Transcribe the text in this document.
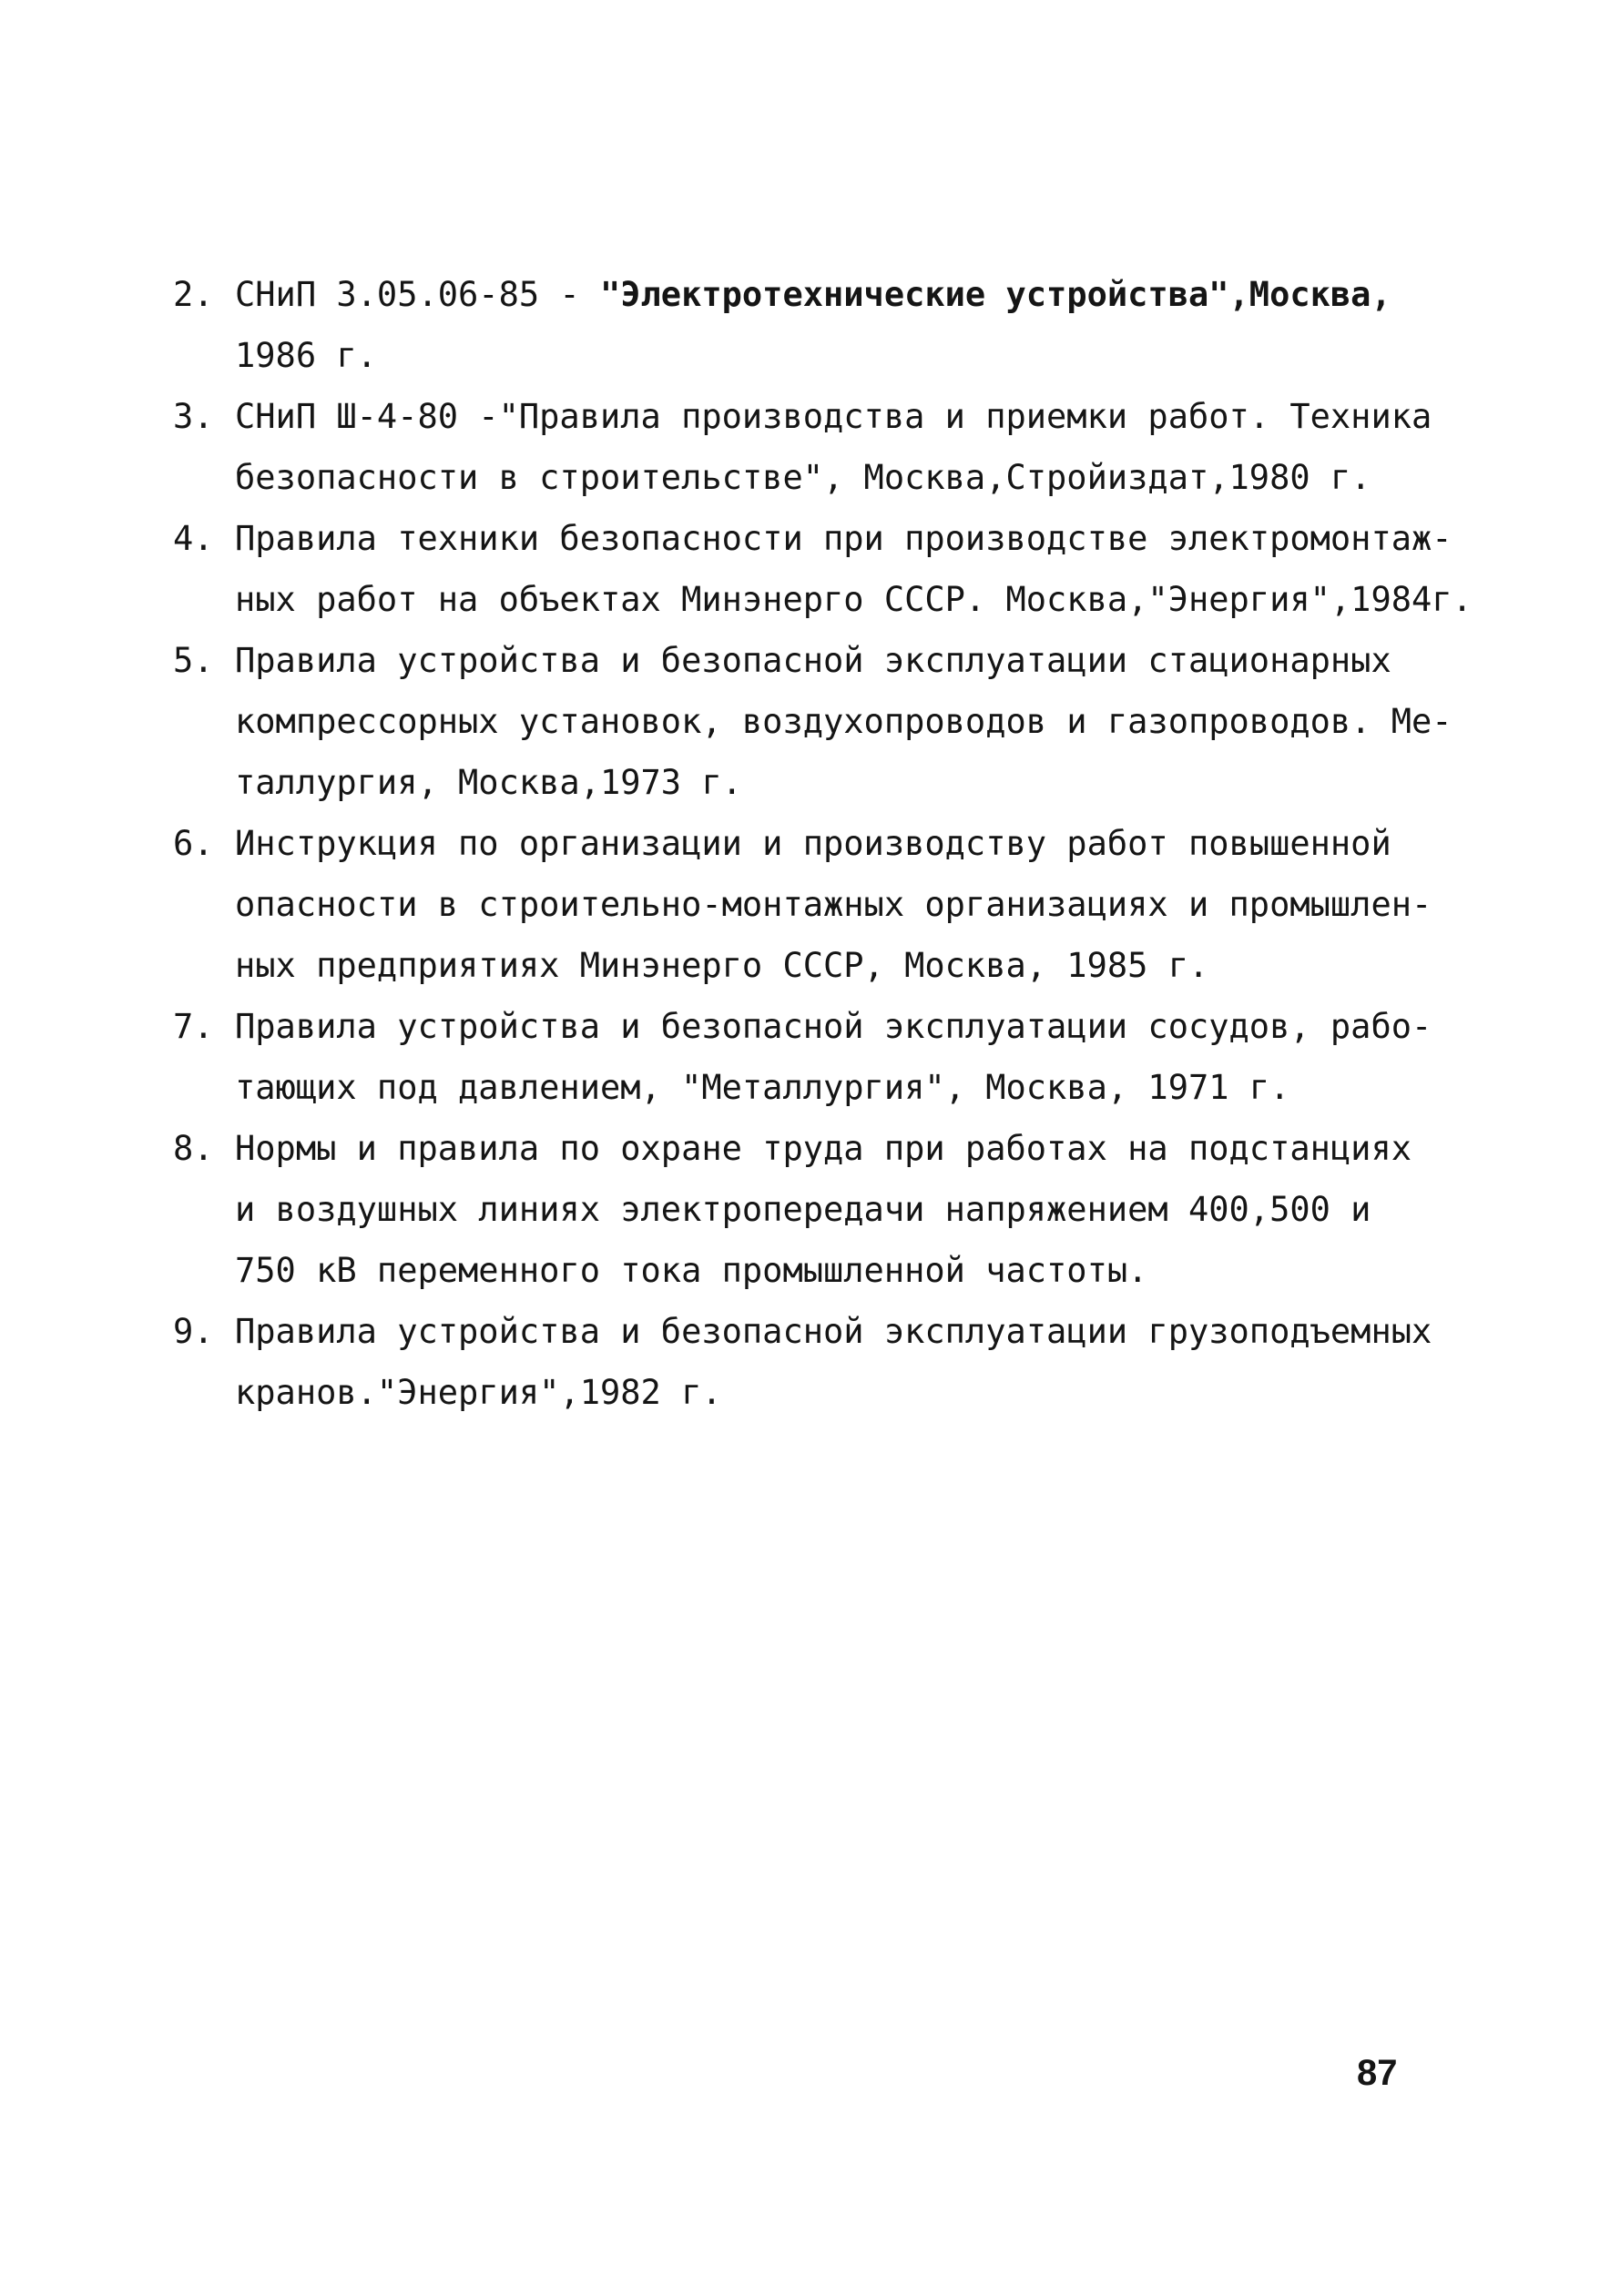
2. СНиП 3.05.06-85 - "Электротехнические устройства",Москва,
1986 г.
3. СНиП Ш-4-80 -"Правила производства и приемки работ. Техника
безопасности в строительстве", Москва,Стройиздат,1980 г.
4. Правила техники безопасности при производстве электромонтаж-
ных работ на объектах Минэнерго СССР. Москва,"Энергия",1984г.
5. Правила устройства и безопасной эксплуатации стационарных
компрессорных установок, воздухопроводов и газопроводов. Ме-
таллургия, Москва,1973 г.
6. Инструкция по организации и производству работ повышенной
опасности в строительно-монтажных организациях и промышлен-
ных предприятиях Минэнерго СССР, Москва, 1985 г.
7. Правила устройства и безопасной эксплуатации сосудов, рабо-
тающих под давлением, "Металлургия", Москва, 1971 г.
8. Нормы и правила по охране труда при работах на подстанциях
и воздушных линиях электропередачи напряжением 400,500 и
750 кВ переменного тока промышленной частоты.
9. Правила устройства и безопасной эксплуатации грузоподъемных
кранов."Энергия",1982 г.
87
